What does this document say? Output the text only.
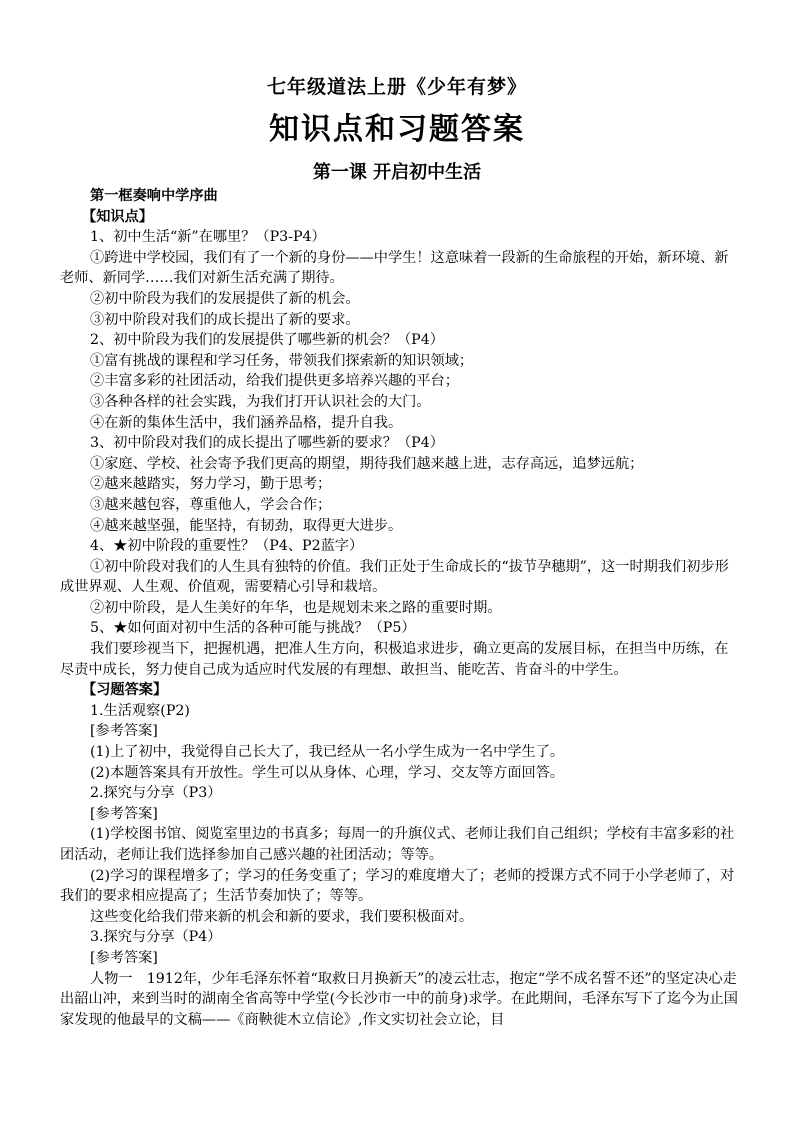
七年级道法上册《少年有梦》
知识点和习题答案
第一课 开启初中生活

第一框奏响中学序曲

【知识点】

1、初中生活“新”在哪里？（P3-P4）

①跨进中学校园，我们有了一个新的身份——中学生！这意味着一段新的生命旅程的开始，新环境、新老师、新同学……我们对新生活充满了期待。

②初中阶段为我们的发展提供了新的机会。

③初中阶段对我们的成长提出了新的要求。

2、初中阶段为我们的发展提供了哪些新的机会？（P4）

①富有挑战的课程和学习任务，带领我们探索新的知识领域；

②丰富多彩的社团活动，给我们提供更多培养兴趣的平台；

③各种各样的社会实践，为我们打开认识社会的大门。

④在新的集体生活中，我们涵养品格，提升自我。

3、初中阶段对我们的成长提出了哪些新的要求？（P4）

①家庭、学校、社会寄予我们更高的期望，期待我们越来越上进，志存高远，追梦远航；

②越来越踏实，努力学习，勤于思考；

③越来越包容，尊重他人，学会合作；

④越来越坚强，能坚持，有韧劲，取得更大进步。

4、★初中阶段的重要性？（P4、P2蓝字）

①初中阶段对我们的人生具有独特的价值。我们正处于生命成长的“拔节孕穗期”，这一时期我们初步形成世界观、人生观、价值观，需要精心引导和栽培。

②初中阶段，是人生美好的年华，也是规划未来之路的重要时期。

5、★如何面对初中生活的各种可能与挑战？（P5）

我们要珍视当下，把握机遇，把准人生方向，积极追求进步，确立更高的发展目标，在担当中历练，在尽责中成长，努力使自己成为适应时代发展的有理想、敢担当、能吃苦、肯奋斗的中学生。

【习题答案】

1.生活观察(P2)

[参考答案]

(1)上了初中，我觉得自己长大了，我已经从一名小学生成为一名中学生了。

(2)本题答案具有开放性。学生可以从身体、心理，学习、交友等方面回答。

2.探究与分享（P3）

[参考答案]

(1)学校图书馆、阅览室里边的书真多；每周一的升旗仪式、老师让我们自己组织；学校有丰富多彩的社团活动，老师让我们选择参加自己感兴趣的社团活动；等等。

(2)学习的课程增多了；学习的任务变重了；学习的难度增大了；老师的授课方式不同于小学老师了，对我们的要求相应提高了；生活节奏加快了；等等。

这些变化给我们带来新的机会和新的要求，我们要积极面对。

3.探究与分享（P4）

[参考答案]

人物一　1912年，少年毛泽东怀着“取救日月换新天”的凌云壮志，抱定“学不成名誓不还”的坚定决心走出韶山冲，来到当时的湖南全省高等中学堂(今长沙市一中的前身)求学。在此期间，毛泽东写下了迄今为止国家发现的他最早的文稿——《商鞅徙木立信论》,作文实切社会立论，目
